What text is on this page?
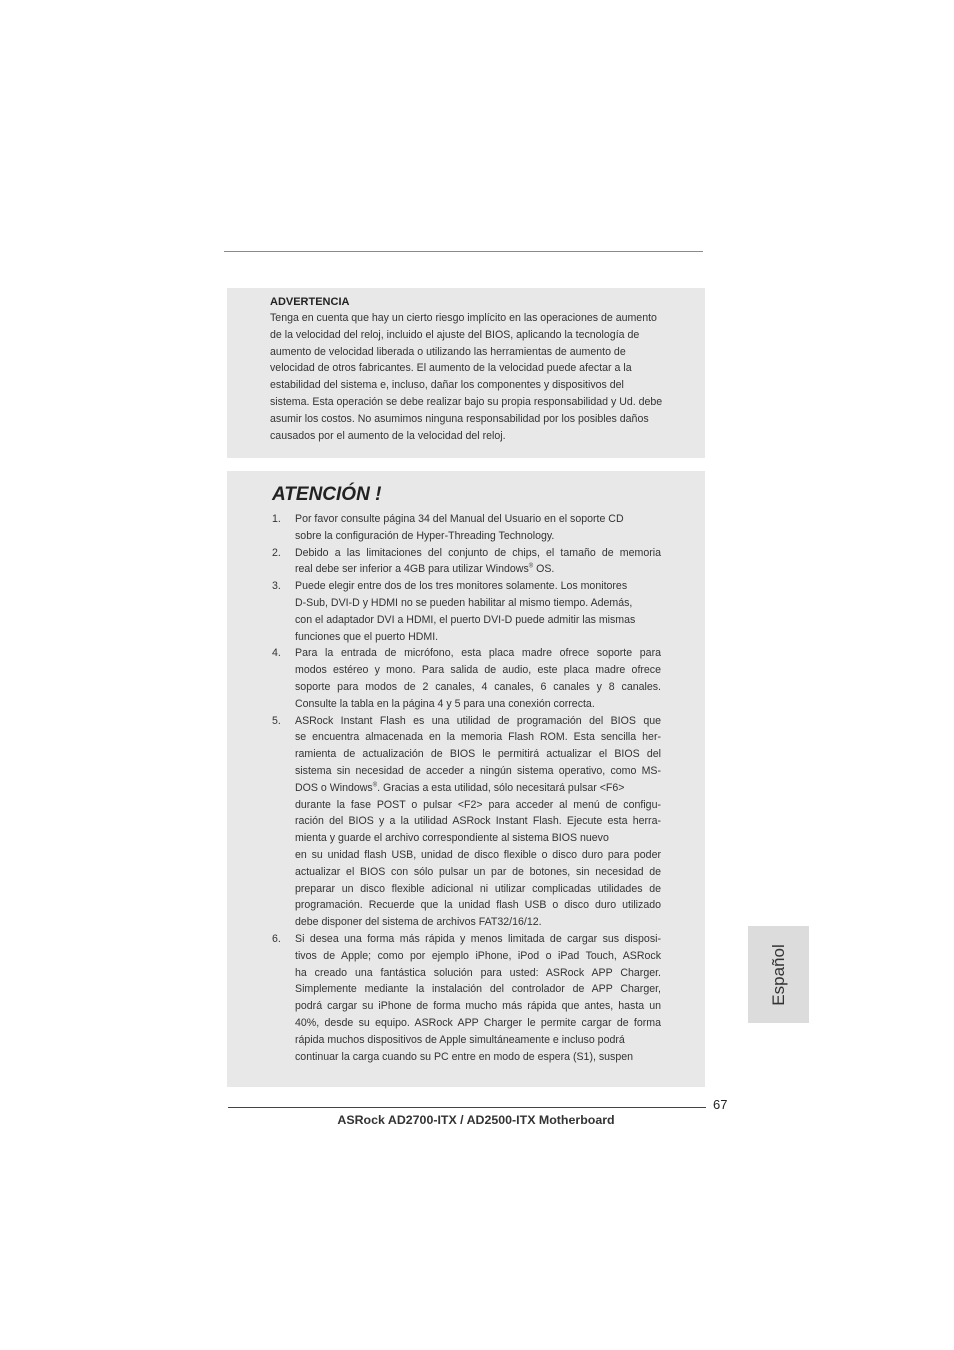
ADVERTENCIA

Tenga en cuenta que hay un cierto riesgo implícito en las operaciones de aumento
de la velocidad del reloj, incluido el ajuste del BIOS, aplicando la tecnología de
aumento de velocidad liberada o utilizando las herramientas de aumento de
velocidad de otros fabricantes. El aumento de la velocidad puede afectar a la
estabilidad del sistema e, incluso, dañar los componentes y dispositivos del
sistema. Esta operación se debe realizar bajo su propia responsabilidad y Ud. debe
asumir los costos. No asumimos ninguna responsabilidad por los posibles daños
causados por el aumento de la velocidad del reloj.

ATENCIÓN !
1. Por favor consulte página 34 del Manual del Usuario en el soporte CD
sobre la configuración de Hyper-Threading Technology.
2. Debido a las limitaciones del conjunto de chips, el tamaño de memoria
real debe ser inferior a 4GB para utilizar Windows® OS.
3. Puede elegir entre dos de los tres monitores solamente. Los monitores
D-Sub, DVI-D y HDMI no se pueden habilitar al mismo tiempo. Además,
con el adaptador DVI a HDMI, el puerto DVI-D puede admitir las mismas
funciones que el puerto HDMI.
4. Para la entrada de micrófono, esta placa madre ofrece soporte para
modos estéreo y mono. Para salida de audio, este placa madre ofrece
soporte para modos de 2 canales, 4 canales, 6 canales y 8 canales.
Consulte la tabla en la página 4 y 5 para una conexión correcta.
5. ASRock Instant Flash es una utilidad de programación del BIOS que
se encuentra almacenada en la memoria Flash ROM. Esta sencilla her-
ramienta de actualización de BIOS le permitirá actualizar el BIOS del
sistema sin necesidad de acceder a ningún sistema operativo, como MS-
DOS o Windows®. Gracias a esta utilidad, sólo necesitará pulsar <F6>
durante la fase POST o pulsar <F2> para acceder al menú de configu-
ración del BIOS y a la utilidad ASRock Instant Flash. Ejecute esta herra-
mienta y guarde el archivo correspondiente al sistema BIOS nuevo
en su unidad flash USB, unidad de disco flexible o disco duro para poder
actualizar el BIOS con sólo pulsar un par de botones, sin necesidad de
preparar un disco flexible adicional ni utilizar complicadas utilidades de
programación. Recuerde que la unidad flash USB o disco duro utilizado
debe disponer del sistema de archivos FAT32/16/12.
6. Si desea una forma más rápida y menos limitada de cargar sus disposi-
tivos de Apple; como por ejemplo iPhone, iPod o iPad Touch, ASRock
ha creado una fantástica solución para usted: ASRock APP Charger.
Simplemente mediante la instalación del controlador de APP Charger,
podrá cargar su iPhone de forma mucho más rápida que antes, hasta un
40%, desde su equipo. ASRock APP Charger le permite cargar de forma
rápida muchos dispositivos de Apple simultáneamente e incluso podrá
continuar la carga cuando su PC entre en modo de espera (S1), suspen
Español
67
ASRock AD2700-ITX / AD2500-ITX Motherboard
